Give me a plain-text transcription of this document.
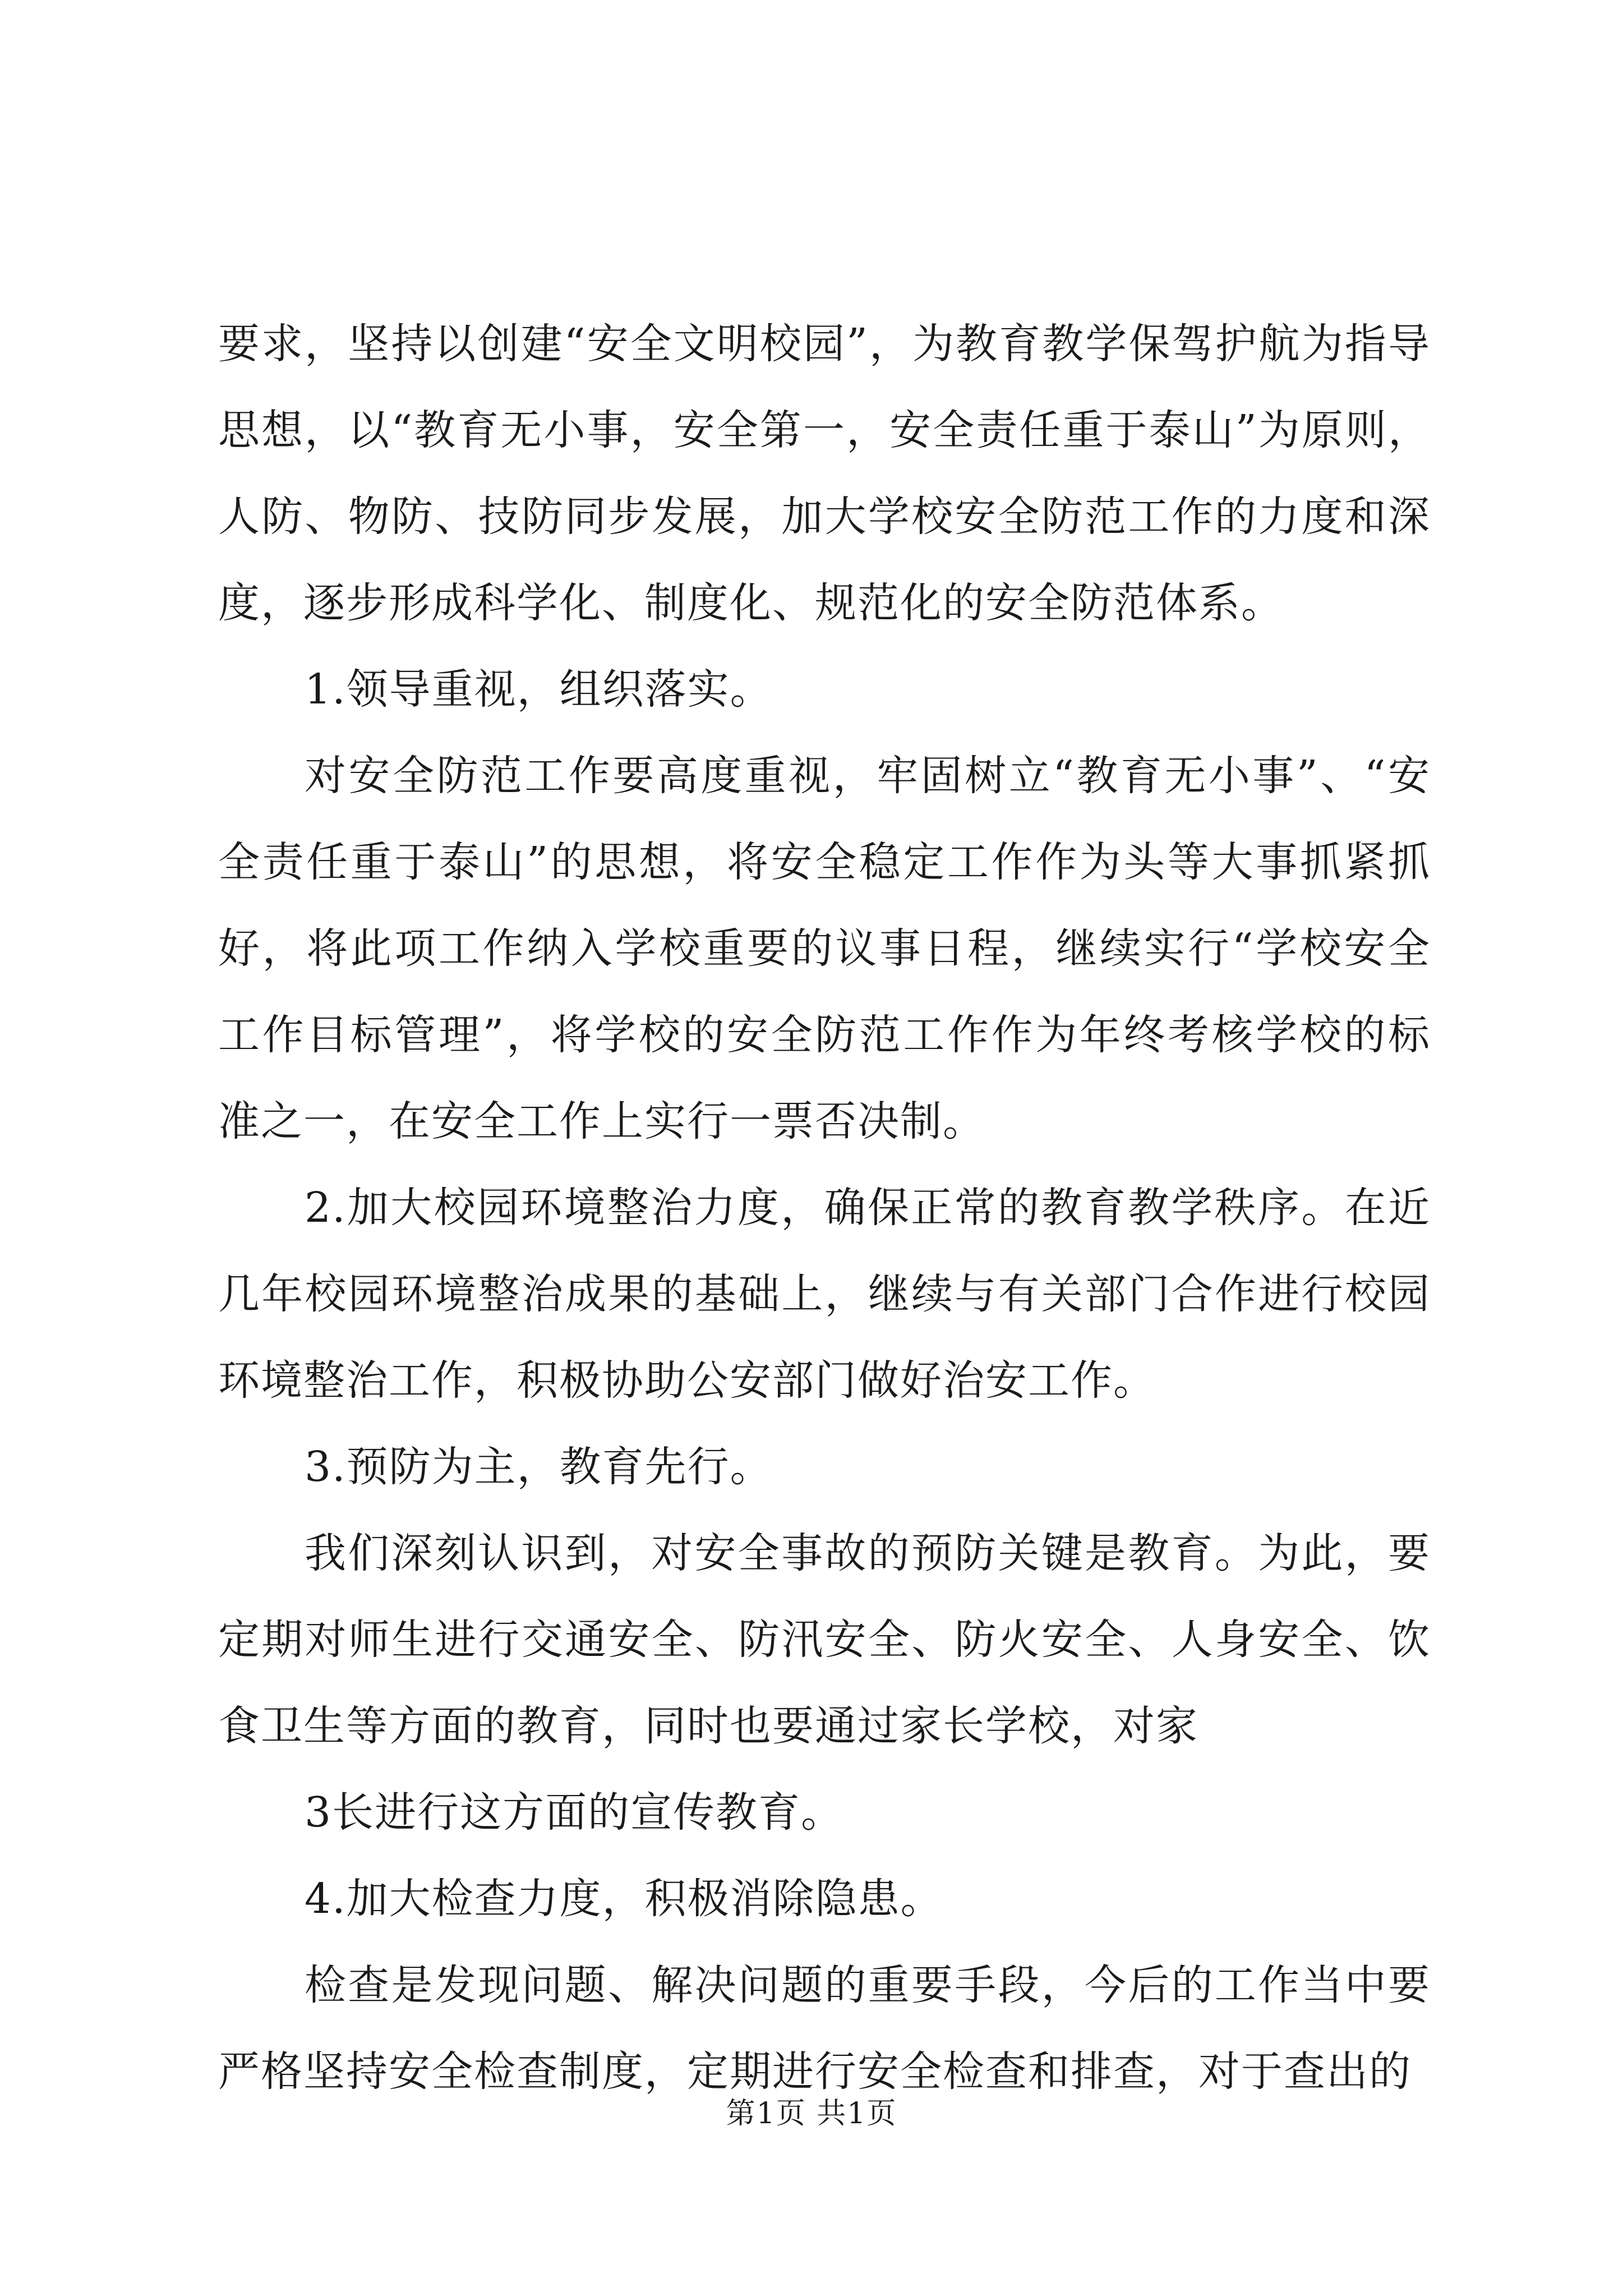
要求，坚持以创建“安全文明校园”，为教育教学保驾护航为指导思想，以“教育无小事，安全第一，安全责任重于泰山”为原则，人防、物防、技防同步发展，加大学校安全防范工作的力度和深度，逐步形成科学化、制度化、规范化的安全防范体系。

1.领导重视，组织落实。

对安全防范工作要高度重视，牢固树立“教育无小事”、“安全责任重于泰山”的思想，将安全稳定工作作为头等大事抓紧抓好，将此项工作纳入学校重要的议事日程，继续实行“学校安全工作目标管理”，将学校的安全防范工作作为年终考核学校的标准之一，在安全工作上实行一票否决制。

2.加大校园环境整治力度，确保正常的教育教学秩序。在近几年校园环境整治成果的基础上，继续与有关部门合作进行校园环境整治工作，积极协助公安部门做好治安工作。

3.预防为主，教育先行。

我们深刻认识到，对安全事故的预防关键是教育。为此，要定期对师生进行交通安全、防汛安全、防火安全、人身安全、饮食卫生等方面的教育，同时也要通过家长学校，对家

3长进行这方面的宣传教育。

4.加大检查力度，积极消除隐患。

检查是发现问题、解决问题的重要手段，今后的工作当中要严格坚持安全检查制度，定期进行安全检查和排查，对于查出的

第1页 共1页
